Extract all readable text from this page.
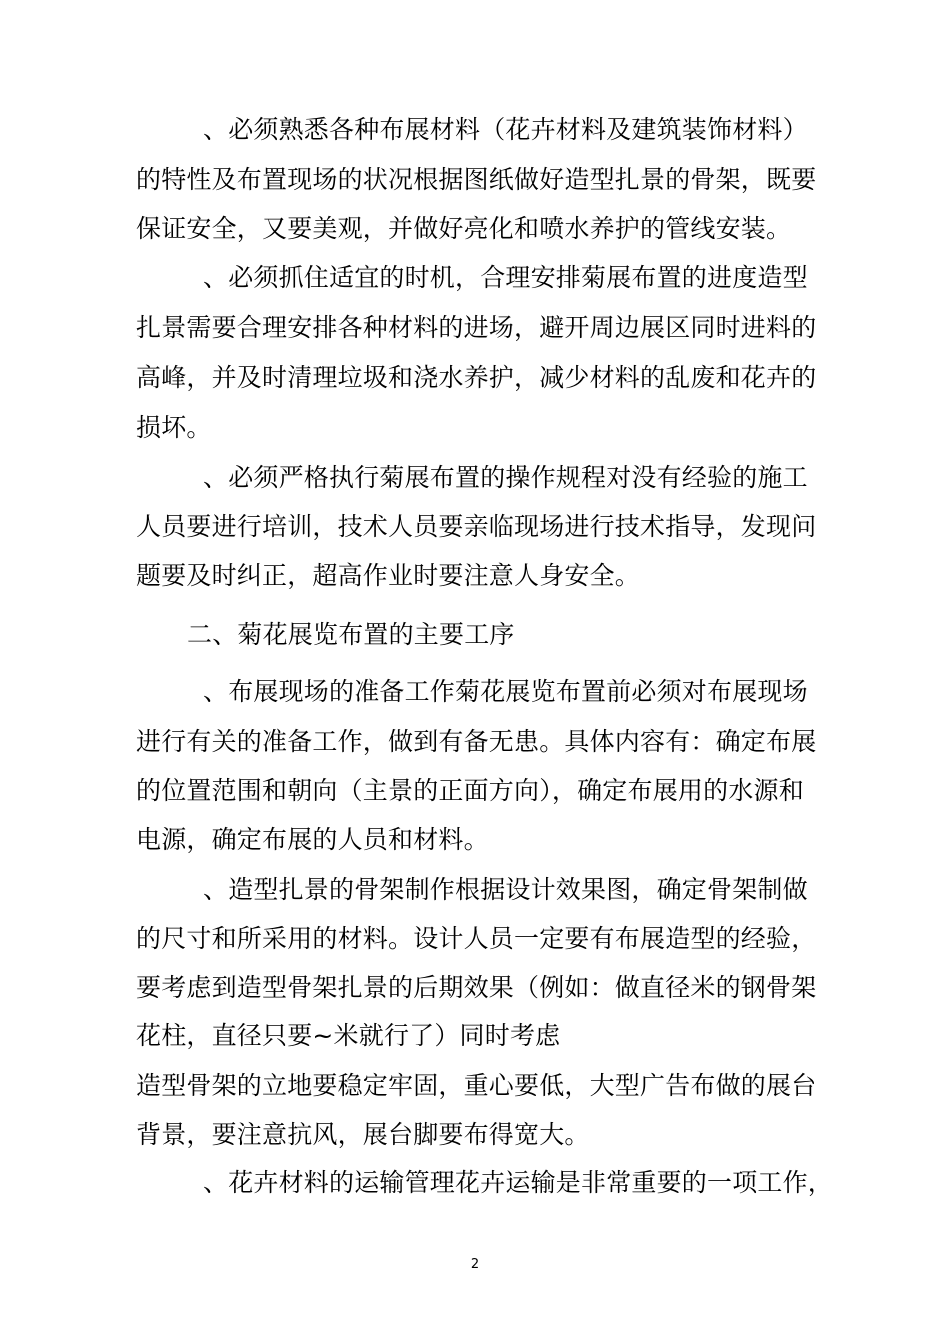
、必须熟悉各种布展材料（花卉材料及建筑装饰材料）
的特性及布置现场的状况根据图纸做好造型扎景的骨架，既要
保证安全，又要美观，并做好亮化和喷水养护的管线安装。
、必须抓住适宜的时机，合理安排菊展布置的进度造型
扎景需要合理安排各种材料的进场，避开周边展区同时进料的
高峰，并及时清理垃圾和浇水养护，减少材料的乱废和花卉的
损坏。
、必须严格执行菊展布置的操作规程对没有经验的施工
人员要进行培训，技术人员要亲临现场进行技术指导，发现问
题要及时纠正，超高作业时要注意人身安全。
二、菊花展览布置的主要工序
、布展现场的准备工作菊花展览布置前必须对布展现场
进行有关的准备工作，做到有备无患。具体内容有：确定布展
的位置范围和朝向（主景的正面方向），确定布展用的水源和
电源，确定布展的人员和材料。
、造型扎景的骨架制作根据设计效果图，确定骨架制做
的尺寸和所采用的材料。设计人员一定要有布展造型的经验，
要考虑到造型骨架扎景的后期效果（例如：做直径米的钢骨架
花柱，直径只要~米就行了）同时考虑
造型骨架的立地要稳定牢固，重心要低，大型广告布做的展台
背景，要注意抗风，展台脚要布得宽大。
、花卉材料的运输管理花卉运输是非常重要的一项工作，
2
